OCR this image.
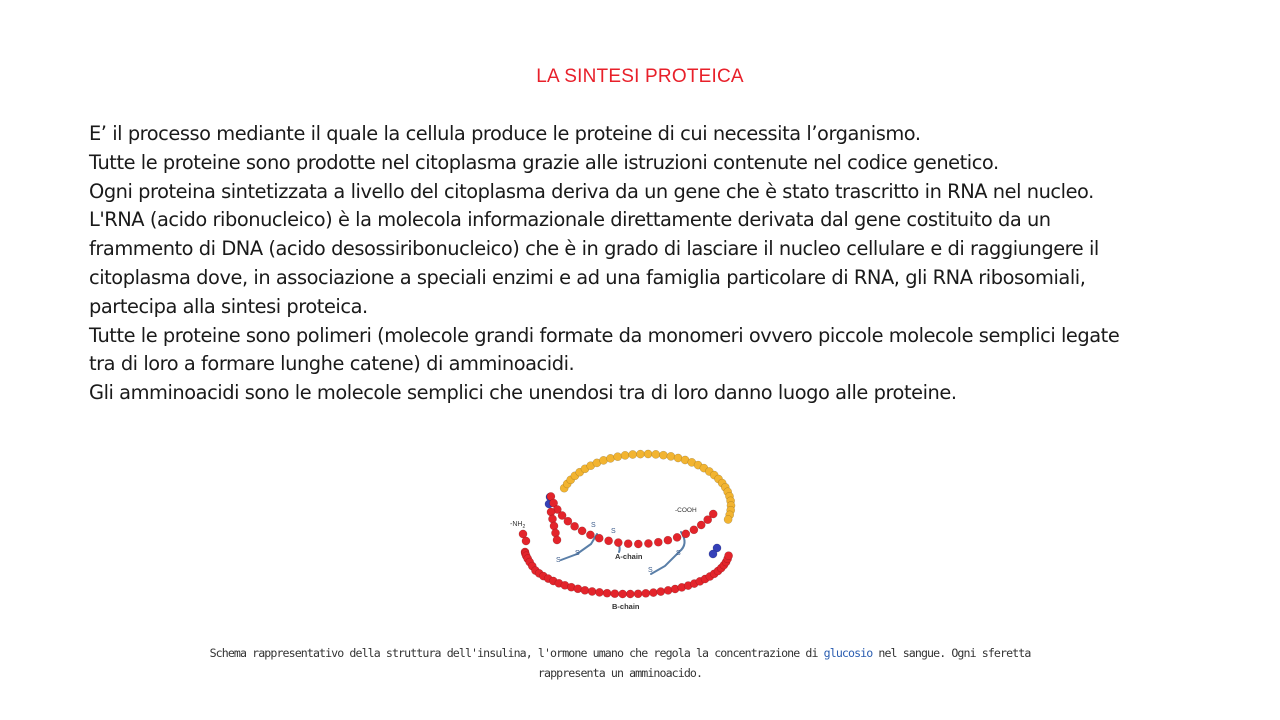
LA SINTESI PROTEICA
E’ il processo mediante il quale la cellula produce le proteine di cui necessita l’organismo.
Tutte le proteine sono prodotte nel citoplasma grazie alle istruzioni contenute nel codice genetico.
Ogni proteina sintetizzata a livello del citoplasma deriva da un gene che è stato trascritto in RNA nel nucleo.
L'RNA (acido ribonucleico) è la molecola informazionale direttamente derivata dal gene costituito da un
frammento di DNA (acido desossiribonucleico) che è in grado di lasciare il nucleo cellulare e di raggiungere il
citoplasma dove, in associazione a speciali enzimi e ad una famiglia particolare di RNA, gli RNA ribosomiali,
partecipa alla sintesi proteica.
Tutte le proteine sono polimeri (molecole grandi formate da monomeri ovvero piccole molecole semplici legate
tra di loro a formare lunghe catene) di amminoacidi.
Gli amminoacidi sono le molecole semplici che unendosi tra di loro danno luogo alle proteine.
C-peptide
$-NH_2$
-COOH
A-chain
B-chain
S
S
S
S
S
S
Schema rappresentativo della struttura dell'insulina, l'ormone umano che regola la concentrazione di glucosio nel sangue. Ogni sferetta
rappresenta un amminoacido.
